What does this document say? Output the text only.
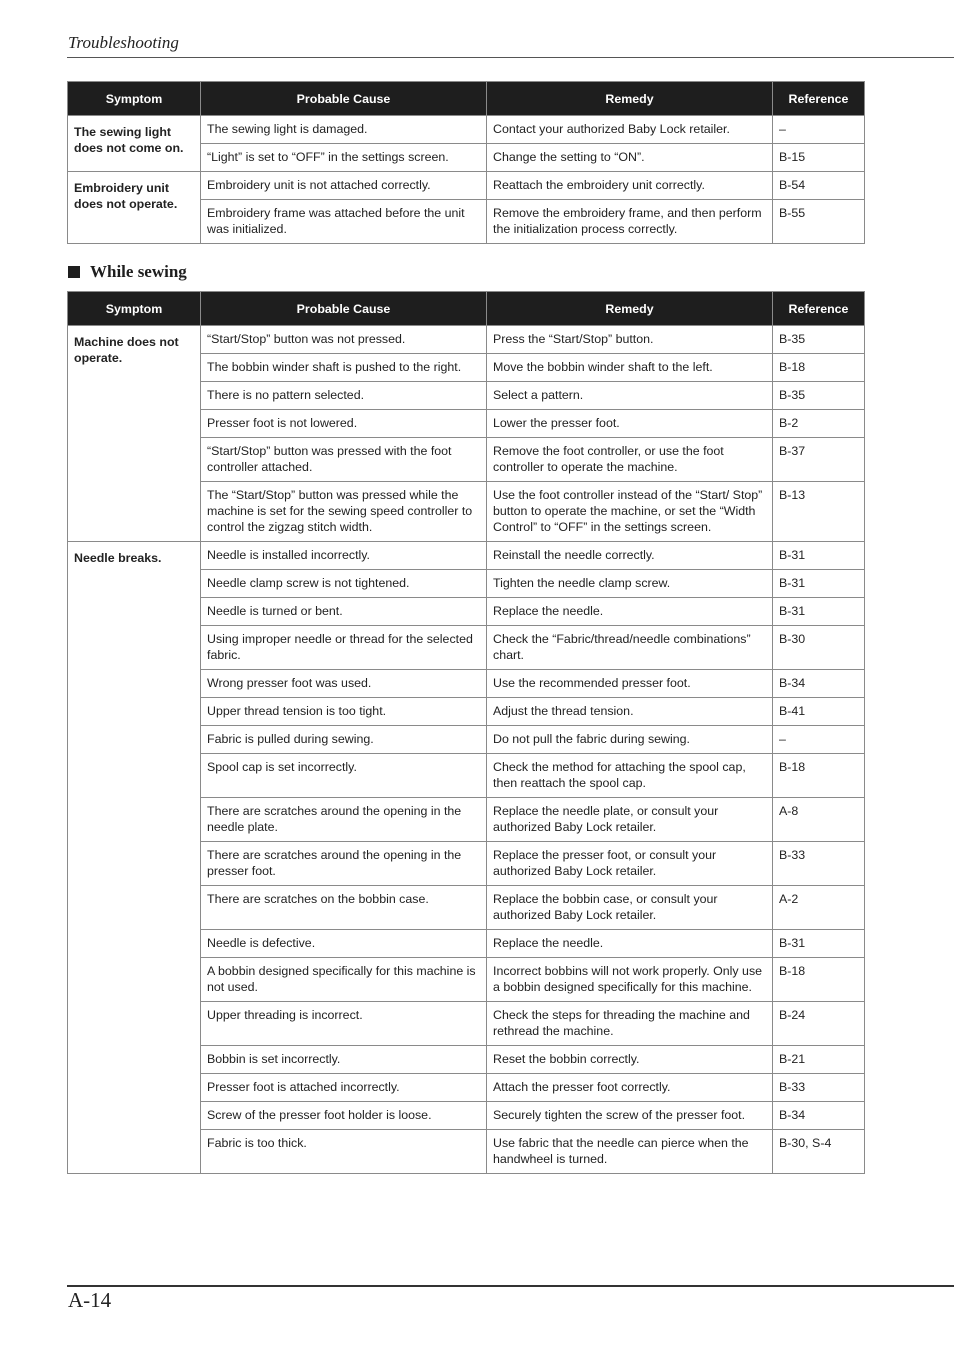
Troubleshooting
Symptom	Probable Cause	Remedy	Reference
The sewing light does not come on.	The sewing light is damaged.	Contact your authorized Baby Lock retailer.	–
	“Light” is set to “OFF” in the settings screen.	Change the setting to “ON”.	B-15
Embroidery unit does not operate.	Embroidery unit is not attached correctly.	Reattach the embroidery unit correctly.	B-54
	Embroidery frame was attached before the unit was initialized.	Remove the embroidery frame, and then perform the initialization process correctly.	B-55
While sewing
Symptom	Probable Cause	Remedy	Reference
Machine does not operate.	“Start/Stop” button was not pressed.	Press the “Start/Stop” button.	B-35
	The bobbin winder shaft is pushed to the right.	Move the bobbin winder shaft to the left.	B-18
	There is no pattern selected.	Select a pattern.	B-35
	Presser foot is not lowered.	Lower the presser foot.	B-2
	“Start/Stop” button was pressed with the foot controller attached.	Remove the foot controller, or use the foot controller to operate the machine.	B-37
	The “Start/Stop” button was pressed while the machine is set for the sewing speed controller to control the zigzag stitch width.	Use the foot controller instead of the “Start/ Stop” button to operate the machine, or set the “Width Control” to “OFF” in the settings screen.	B-13
Needle breaks.	Needle is installed incorrectly.	Reinstall the needle correctly.	B-31
	Needle clamp screw is not tightened.	Tighten the needle clamp screw.	B-31
	Needle is turned or bent.	Replace the needle.	B-31
	Using improper needle or thread for the selected fabric.	Check the “Fabric/thread/needle combinations” chart.	B-30
	Wrong presser foot was used.	Use the recommended presser foot.	B-34
	Upper thread tension is too tight.	Adjust the thread tension.	B-41
	Fabric is pulled during sewing.	Do not pull the fabric during sewing.	–
	Spool cap is set incorrectly.	Check the method for attaching the spool cap, then reattach the spool cap.	B-18
	There are scratches around the opening in the needle plate.	Replace the needle plate, or consult your authorized Baby Lock retailer.	A-8
	There are scratches around the opening in the presser foot.	Replace the presser foot, or consult your authorized Baby Lock retailer.	B-33
	There are scratches on the bobbin case.	Replace the bobbin case, or consult your authorized Baby Lock retailer.	A-2
	Needle is defective.	Replace the needle.	B-31
	A bobbin designed specifically for this machine is not used.	Incorrect bobbins will not work properly. Only use a bobbin designed specifically for this machine.	B-18
	Upper threading is incorrect.	Check the steps for threading the machine and rethread the machine.	B-24
	Bobbin is set incorrectly.	Reset the bobbin correctly.	B-21
	Presser foot is attached incorrectly.	Attach the presser foot correctly.	B-33
	Screw of the presser foot holder is loose.	Securely tighten the screw of the presser foot.	B-34
	Fabric is too thick.	Use fabric that the needle can pierce when the handwheel is turned.	B-30, S-4
A-14
